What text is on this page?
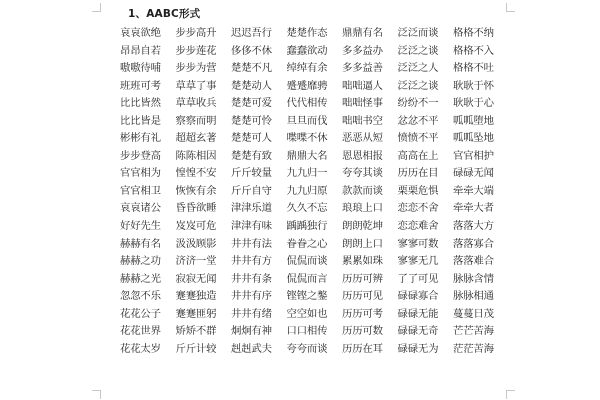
1、AABC形式
哀哀欲绝	步步高升	迟迟吾行	楚楚作态	鼎鼎有名	泛泛而谈	格格不纳
昂昂自若	步步莲花	侈侈不休	蠢蠢欲动	多多益办	泛泛之谈	格格不入
嗷嗷待哺	步步为营	楚楚不凡	绰绰有余	多多益善	泛泛之人	格格不吐
班班可考	草草了事	楚楚动人	蹙蹙靡骋	咄咄逼人	泛泛之谈	耿耿于怀
比比皆然	草草收兵	楚楚可爱	代代相传	咄咄怪事	纷纷不一	耿耿于心
比比皆是	察察而明	楚楚可怜	旦旦而伐	咄咄书空	忿忿不平	呱呱堕地
彬彬有礼	超超玄著	楚楚可人	喋喋不休	恶恶从短	愤愤不平	呱呱坠地
步步登高	陈陈相因	楚楚有致	鼎鼎大名	恩恩相报	高高在上	官官相护
官官相为	惶惶不安	斤斤较量	九九归一	夸夸其谈	历历在目	碌碌无闻
官官相卫	恢恢有余	斤斤自守	九九归原	款款而谈	栗栗危惧	牵牵大端
哀哀诸公	昏昏欲睡	津津乐道	久久不忘	琅琅上口	恋恋不舍	牵牵大者
好好先生	岌岌可危	津津有味	踽踽独行	朗朗乾坤	恋恋难舍	落落大方
赫赫有名	汲汲顾影	井井有法	眷眷之心	朗朗上口	寥寥可数	落落寡合
赫赫之功	济济一堂	井井有方	侃侃而谈	累累如珠	寥寥无几	落落难合
赫赫之光	寂寂无闻	井井有条	侃侃而言	历历可辨	了了可见	脉脉含情
忽忽不乐	蹇蹇独造	井井有序	铿铿之鏊	历历可见	碌碌寡合	脉脉相通
花花公子	蹇蹇匪躬	井井有绪	空空如也	历历可考	碌碌无能	蔓蔓日茂
花花世界	矫矫不群	炯炯有神	口口相传	历历可数	碌碌无奇	芒芒苦海
花花太岁	斤斤计较	赳赳武夫	夸夸而谈	历历在耳	碌碌无为	茫茫苦海
